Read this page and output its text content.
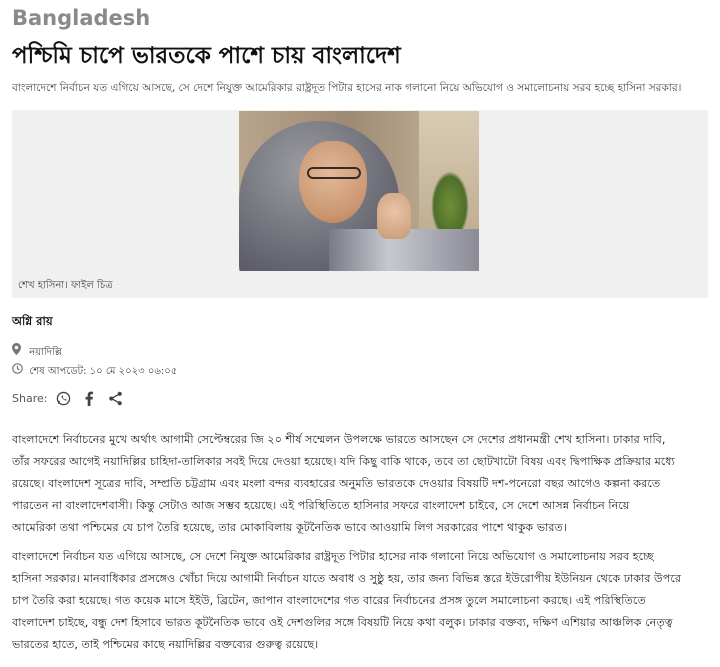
Bangladesh
পশ্চিমি চাপে ভারতকে পাশে চায় বাংলাদেশ
বাংলাদেশে নির্বাচন যত এগিয়ে আসছে, সে দেশে নিযুক্ত আমেরিকার রাষ্ট্রদূত পিটার হাসের নাক গলানো নিয়ে অভিযোগ ও সমালোচনায় সরব হচ্ছে হাসিনা সরকার।
শেখ হাসিনা। ফাইল চিত্র
অগ্নি রায়
নয়াদিল্লি
শেষ আপডেট: ১০ মে ২০২৩ ০৬:০৫
Share:
বাংলাদেশে নির্বাচনের মুখে অর্থাৎ আগামী সেপ্টেম্বরের জি ২০ শীর্ষ সম্মেলন উপলক্ষে ভারতে আসছেন সে দেশের প্রধানমন্ত্রী শেখ হাসিনা। ঢাকার দাবি,
তাঁর সফরের আগেই নয়াদিল্লির চাহিদা-তালিকার সবই দিয়ে দেওয়া হয়েছে। যদি কিছু বাকি থাকে, তবে তা ছোটখাটো বিষয় এবং দ্বিপাক্ষিক প্রক্রিয়ার মধ্যে
রয়েছে। বাংলাদেশ সূত্রের দাবি, সম্প্রতি চট্টগ্রাম এবং মংলা বন্দর ব্যবহারের অনুমতি ভারতকে দেওয়ার বিষয়টি দশ-পনেরো বছর আগেও কল্পনা করতে
পারতেন না বাংলাদেশবাসী। কিন্তু সেটাও আজ সম্ভব হয়েছে। এই পরিস্থিতিতে হাসিনার সফরে বাংলাদেশ চাইবে, সে দেশে আসন্ন নির্বাচন নিয়ে
আমেরিকা তথা পশ্চিমের যে চাপ তৈরি হয়েছে, তার মোকাবিলায় কূটনৈতিক ভাবে আওয়ামি লিগ সরকারের পাশে থাকুক ভারত।
বাংলাদেশে নির্বাচন যত এগিয়ে আসছে, সে দেশে নিযুক্ত আমেরিকার রাষ্ট্রদূত পিটার হাসের নাক গলানো নিয়ে অভিযোগ ও সমালোচনায় সরব হচ্ছে
হাসিনা সরকার। মানবাধিকার প্রসঙ্গেও খোঁচা দিয়ে আগামী নির্বাচন যাতে অবাধ ও সুষ্ঠু হয়, তার জন্য বিভিন্ন স্তরে ইউরোপীয় ইউনিয়ন থেকে ঢাকার উপরে
চাপ তৈরি করা হয়েছে। গত কয়েক মাসে ইইউ, ব্রিটেন, জাপান বাংলাদেশের গত বারের নির্বাচনের প্রসঙ্গ তুলে সমালোচনা করছে। এই পরিস্থিতিতে
বাংলাদেশ চাইছে, বন্ধু দেশ হিসাবে ভারত কূটনৈতিক ভাবে ওই দেশগুলির সঙ্গে বিষয়টি নিয়ে কথা বলুক। ঢাকার বক্তব্য, দক্ষিণ এশিয়ার আঞ্চলিক নেতৃত্ব
ভারতের হাতে, তাই পশ্চিমের কাছে নয়াদিল্লির বক্তব্যের গুরুত্ব রয়েছে।
